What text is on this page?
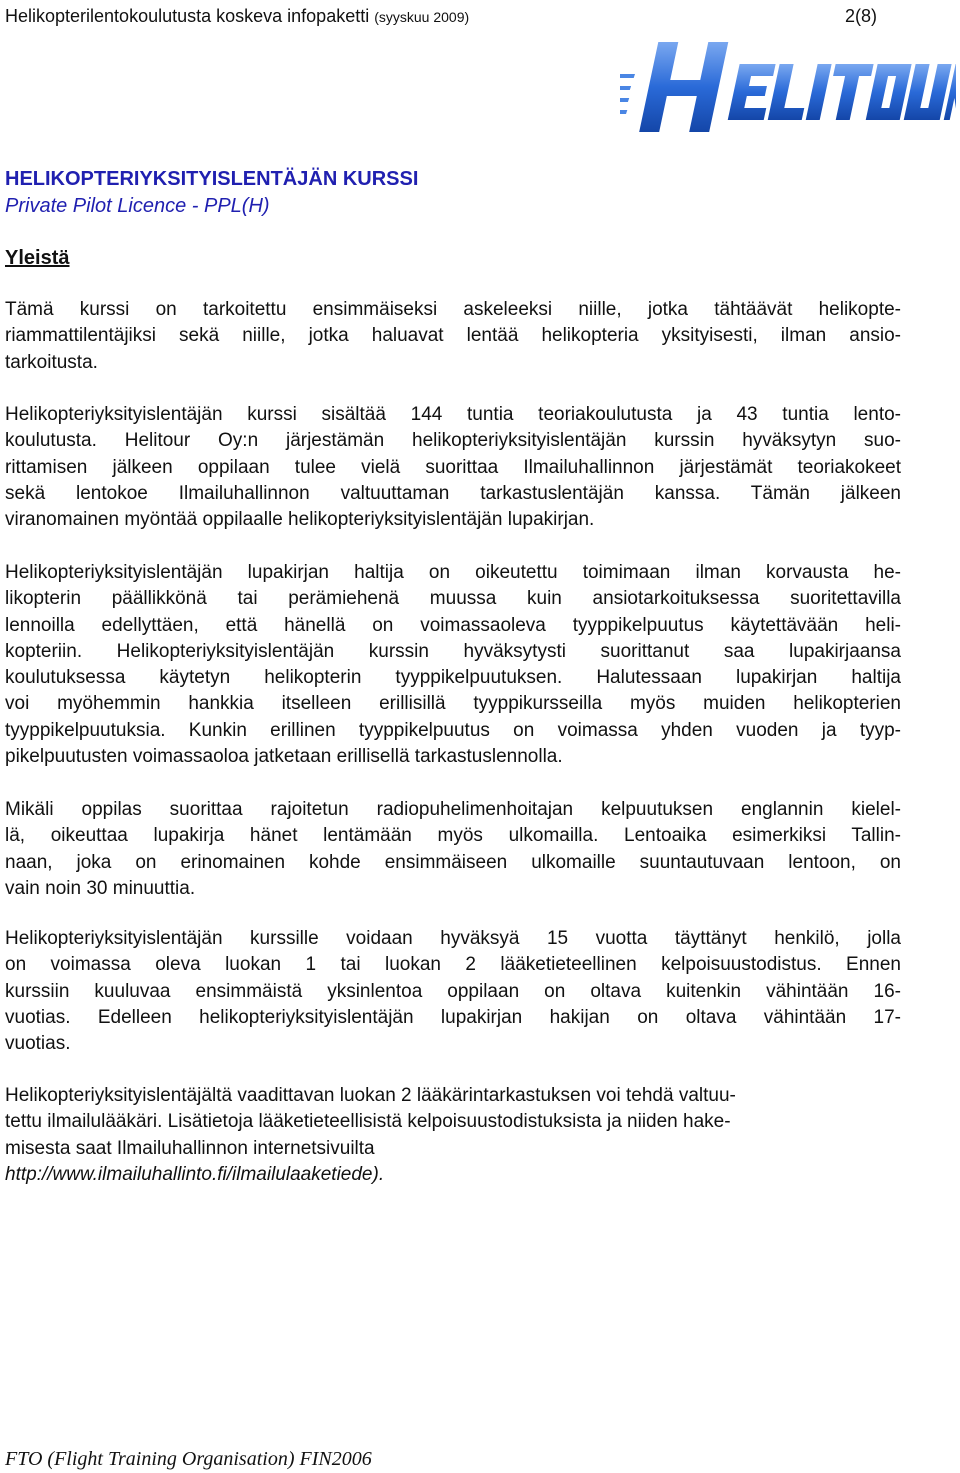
Helikopterilentokoulutusta koskeva infopaketti (syyskuu 2009)	2(8)
HELIKOPTERIYKSITYISLENTÄJÄN KURSSI
Private Pilot Licence - PPL(H)
Yleistä
Tämä kurssi on tarkoitettu ensimmäiseksi askeleeksi niille, jotka tähtäävät helikopte-
riammattilentäjiksi sekä niille, jotka haluavat lentää helikopteria yksityisesti, ilman ansio-
tarkoitusta.
Helikopteriyksityislentäjän kurssi sisältää 144 tuntia teoriakoulutusta ja 43 tuntia lento-
koulutusta. Helitour Oy:n järjestämän helikopteriyksityislentäjän kurssin hyväksytyn suo-
rittamisen jälkeen oppilaan tulee vielä suorittaa Ilmailuhallinnon järjestämät teoriakokeet
sekä lentokoe Ilmailuhallinnon valtuuttaman tarkastuslentäjän kanssa. Tämän jälkeen
viranomainen myöntää oppilaalle helikopteriyksityislentäjän lupakirjan.
Helikopteriyksityislentäjän lupakirjan haltija on oikeutettu toimimaan ilman korvausta he-
likopterin päällikkönä tai perämiehenä muussa kuin ansiotarkoituksessa suoritettavilla
lennoilla edellyttäen, että hänellä on voimassaoleva tyyppikelpuutus käytettävään heli-
kopteriin. Helikopteriyksityislentäjän kurssin hyväksytysti suorittanut saa lupakirjaansa
koulutuksessa käytetyn helikopterin tyyppikelpuutuksen. Halutessaan lupakirjan haltija
voi myöhemmin hankkia itselleen erillisillä tyyppikursseilla myös muiden helikopterien
tyyppikelpuutuksia. Kunkin erillinen tyyppikelpuutus on voimassa yhden vuoden ja tyyp-
pikelpuutusten voimassaoloa jatketaan erillisellä tarkastuslennolla.
Mikäli oppilas suorittaa rajoitetun radiopuhelimenhoitajan kelpuutuksen englannin kielel-
lä, oikeuttaa lupakirja hänet lentämään myös ulkomailla. Lentoaika esimerkiksi Tallin-
naan, joka on erinomainen kohde ensimmäiseen ulkomaille suuntautuvaan lentoon, on
vain noin 30 minuuttia.
Helikopteriyksityislentäjän kurssille voidaan hyväksyä 15 vuotta täyttänyt henkilö, jolla
on voimassa oleva luokan 1 tai luokan 2 lääketieteellinen kelpoisuustodistus. Ennen
kurssiin kuuluvaa ensimmäistä yksinlentoa oppilaan on oltava kuitenkin vähintään 16-
vuotias. Edelleen helikopteriyksityislentäjän lupakirjan hakijan on oltava vähintään 17-
vuotias.
Helikopteriyksityislentäjältä vaadittavan luokan 2 lääkärintarkastuksen voi tehdä valtuu-
tettu ilmailulääkäri. Lisätietoja lääketieteellisistä kelpoisuustodistuksista ja niiden hake-
misesta saat Ilmailuhallinnon internetsivuilta
http://www.ilmailuhallinto.fi/ilmailulaaketiede).
FTO (Flight Training Organisation) FIN2006
